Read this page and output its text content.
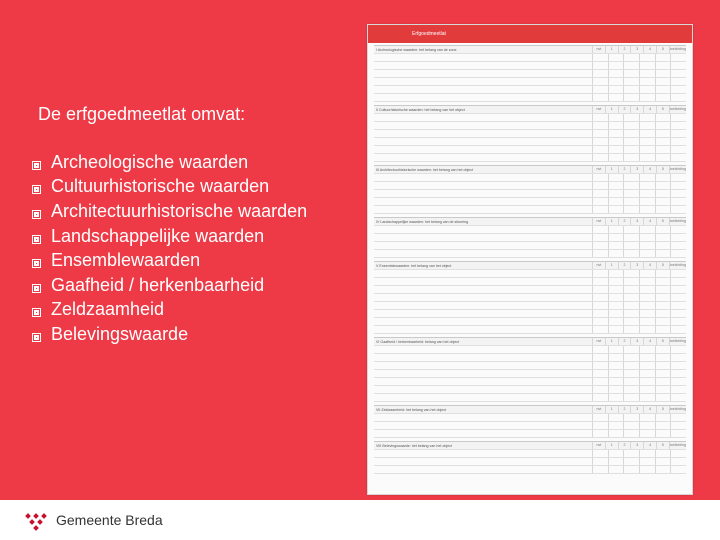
De erfgoedmeetlat omvat:
Archeologische waarden
Cultuurhistorische waarden
Architectuurhistorische waarden
Landschappelijke waarden
Ensemblewaarden
Gaafheid / herkenbaarheid
Zeldzaamheid
Belevingswaarde
Erfgoedmeetlat
I Archeologische waarden: het belang van de zone	nvt	1	2	3	4	5	toelichting
II Cultuurhistorische waarden: het belang van het object	nvt	1	2	3	4	5	toelichting
III Architectuurhistorische waarden: het belang van het object	nvt	1	2	3	4	5	toelichting
IV Landschappelijke waarden: het belang van de situering	nvt	1	2	3	4	5	toelichting
V Ensemblewaarden: het belang van het object	nvt	1	2	3	4	5	toelichting
VI Gaafheid / herkenbaarheid: belang van het object	nvt	1	2	3	4	5	toelichting
VII Zeldzaamheid: het belang van het object	nvt	1	2	3	4	5	toelichting
VIII Belevingswaarde: het belang van het object	nvt	1	2	3	4	5	toelichting
Gemeente Breda
